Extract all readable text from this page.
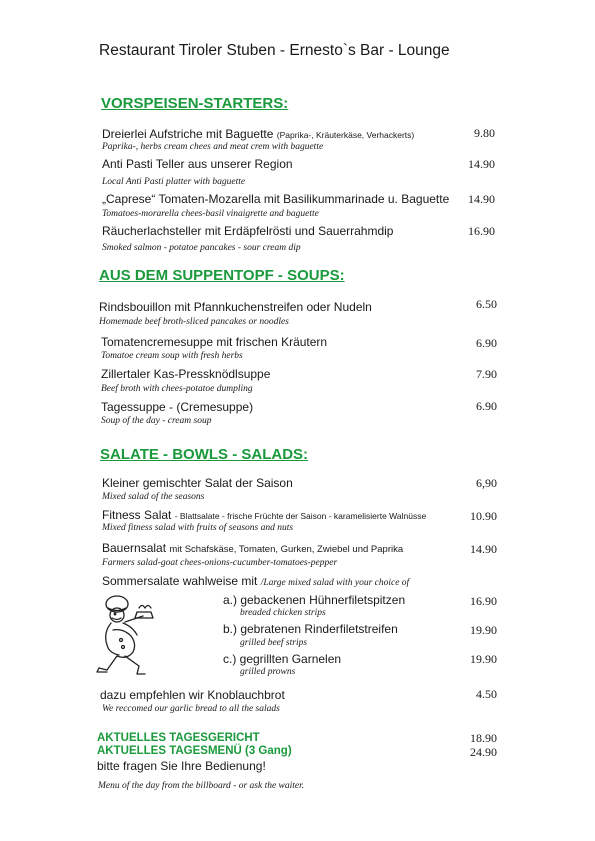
Restaurant Tiroler Stuben - Ernesto`s Bar - Lounge
VORSPEISEN-STARTERS:
Dreierlei Aufstriche mit Baguette (Paprika-, Kräuterkäse, Verhackerts)
Paprika-, herbs cream chees and meat crem with baguette
9.80
Anti Pasti Teller aus unserer Region
Local Anti Pasti platter with baguette
14.90
„Caprese“ Tomaten-Mozarella mit Basilikummarinade u. Baguette
Tomatoes-morarella chees-basil vinaigrette and baguette
14.90
Räucherlachsteller mit Erdäpfelrösti und Sauerrahmdip
Smoked salmon - potatoe pancakes - sour cream dip
16.90
AUS DEM SUPPENTOPF - SOUPS:
Rindsbouillon mit Pfannkuchenstreifen oder Nudeln
Homemade beef broth-sliced pancakes or noodles
6.50
Tomatencremesuppe mit frischen Kräutern
Tomatoe cream soup with fresh herbs
6.90
Zillertaler Kas-Pressknödlsuppe
Beef broth with chees-potatoe dumpling
7.90
Tagessuppe - (Cremesuppe)
Soup of the day - cream soup
6.90
SALATE - BOWLS - SALADS:
Kleiner gemischter Salat der Saison
Mixed salad of the seasons
6,90
Fitness Salat - Blattsalate - frische Früchte der Saison - karamelisierte Walnüsse
Mixed fitness salad with fruits of seasons and nuts
10.90
Bauernsalat mit Schafskäse, Tomaten, Gurken, Zwiebel und Paprika
Farmers salad-goat chees-onions-cucumber-tomatoes-pepper
14.90
Sommersalate wahlweise mit /Large mixed salad with your choice of
a.) gebackenen Hühnerfiletspitzen
breaded chicken strips
16.90
b.) gebratenen Rinderfiletstreifen
grilled beef strips
19.90
c.) gegrillten Garnelen
grilled prowns
19.90
dazu empfehlen wir Knoblauchbrot
We reccomed our garlic bread to all the salads
4.50
AKTUELLES TAGESGERICHT	18.90
AKTUELLES TAGESMENÜ (3 Gang)	24.90
bitte fragen Sie Ihre Bedienung!
Menu of the day from the billboard - or ask the waiter.
